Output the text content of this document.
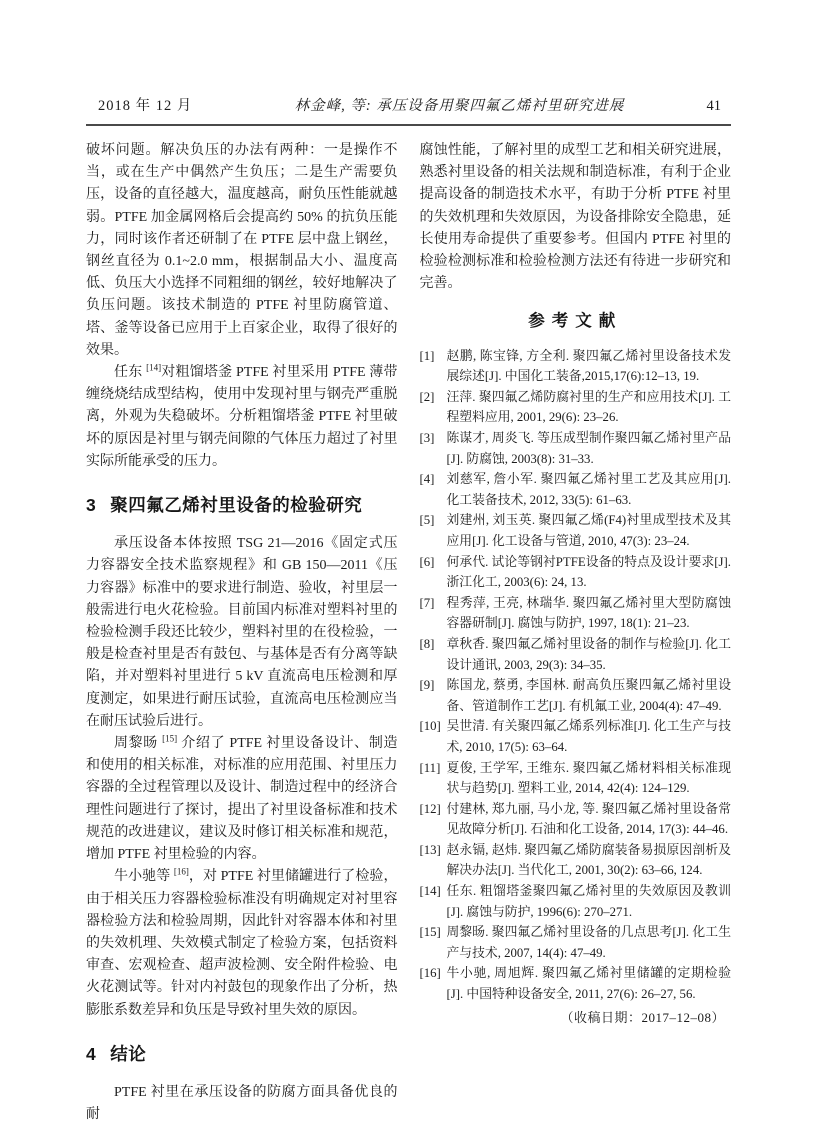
2018 年 12 月	林金峰, 等: 承压设备用聚四氟乙烯衬里研究进展	41

破坏问题。解决负压的办法有两种：一是操作不当，或在生产中偶然产生负压；二是生产需要负压，设备的直径越大，温度越高，耐负压性能就越弱。PTFE 加金属网格后会提高约 50% 的抗负压能力，同时该作者还研制了在 PTFE 层中盘上钢丝，钢丝直径为 0.1~2.0 mm，根据制品大小、温度高低、负压大小选择不同粗细的钢丝，较好地解决了负压问题。该技术制造的 PTFE 衬里防腐管道、塔、釜等设备已应用于上百家企业，取得了很好的效果。

任东 [14]对粗馏塔釜 PTFE 衬里采用 PTFE 薄带缠绕烧结成型结构，使用中发现衬里与钢壳严重脱离，外观为失稳破坏。分析粗馏塔釜 PTFE 衬里破坏的原因是衬里与钢壳间隙的气体压力超过了衬里实际所能承受的压力。

3 聚四氟乙烯衬里设备的检验研究

承压设备本体按照 TSG 21—2016《固定式压力容器安全技术监察规程》和 GB 150—2011《压力容器》标准中的要求进行制造、验收，衬里层一般需进行电火花检验。目前国内标准对塑料衬里的检验检测手段还比较少，塑料衬里的在役检验，一般是检查衬里是否有鼓包、与基体是否有分离等缺陷，并对塑料衬里进行 5 kV 直流高电压检测和厚度测定，如果进行耐压试验，直流高电压检测应当在耐压试验后进行。

周黎旸 [15] 介绍了 PTFE 衬里设备设计、制造和使用的相关标准，对标准的应用范围、衬里压力容器的全过程管理以及设计、制造过程中的经济合理性问题进行了探讨，提出了衬里设备标准和技术规范的改进建议，建议及时修订相关标准和规范，增加 PTFE 衬里检验的内容。

牛小驰等 [16]，对 PTFE 衬里储罐进行了检验，由于相关压力容器检验标准没有明确规定对衬里容器检验方法和检验周期，因此针对容器本体和衬里的失效机理、失效模式制定了检验方案，包括资料审查、宏观检查、超声波检测、安全附件检验、电火花测试等。针对内衬鼓包的现象作出了分析，热膨胀系数差异和负压是导致衬里失效的原因。

4 结论

PTFE 衬里在承压设备的防腐方面具备优良的耐

腐蚀性能，了解衬里的成型工艺和相关研究进展，熟悉衬里设备的相关法规和制造标准，有利于企业提高设备的制造技术水平，有助于分析 PTFE 衬里的失效机理和失效原因，为设备排除安全隐患，延长使用寿命提供了重要参考。但国内 PTFE 衬里的检验检测标准和检验检测方法还有待进一步研究和完善。

参考文献
[1] 赵鹏, 陈宝锋, 方全利. 聚四氟乙烯衬里设备技术发展综述[J]. 中国化工装备,2015,17(6):12–13, 19.
[2] 汪萍. 聚四氟乙烯防腐衬里的生产和应用技术[J]. 工程塑料应用, 2001, 29(6): 23–26.
[3] 陈谋才, 周炎飞. 等压成型制作聚四氟乙烯衬里产品[J]. 防腐蚀, 2003(8): 31–33.
[4] 刘慈军, 詹小军. 聚四氟乙烯衬里工艺及其应用[J]. 化工装备技术, 2012, 33(5): 61–63.
[5] 刘建州, 刘玉英. 聚四氟乙烯(F4)衬里成型技术及其应用[J]. 化工设备与管道, 2010, 47(3): 23–24.
[6] 何承代. 试论等钢衬PTFE设备的特点及设计要求[J]. 浙江化工, 2003(6): 24, 13.
[7] 程秀萍, 王亮, 林瑞华. 聚四氟乙烯衬里大型防腐蚀容器研制[J]. 腐蚀与防护, 1997, 18(1): 21–23.
[8] 章秋香. 聚四氟乙烯衬里设备的制作与检验[J]. 化工设计通讯, 2003, 29(3): 34–35.
[9] 陈国龙, 蔡勇, 李国林. 耐高负压聚四氟乙烯衬里设备、管道制作工艺[J]. 有机氟工业, 2004(4): 47–49.
[10] 吴世清. 有关聚四氟乙烯系列标准[J]. 化工生产与技术, 2010, 17(5): 63–64.
[11] 夏俊, 王学军, 王维东. 聚四氟乙烯材料相关标准现状与趋势[J]. 塑料工业, 2014, 42(4): 124–129.
[12] 付建林, 郑九丽, 马小龙, 等. 聚四氟乙烯衬里设备常见故障分析[J]. 石油和化工设备, 2014, 17(3): 44–46.
[13] 赵永镉, 赵炜. 聚四氟乙烯防腐装备易损原因剖析及解决办法[J]. 当代化工, 2001, 30(2): 63–66, 124.
[14] 任东. 粗馏塔釜聚四氟乙烯衬里的失效原因及教训[J]. 腐蚀与防护, 1996(6): 270–271.
[15] 周黎旸. 聚四氟乙烯衬里设备的几点思考[J]. 化工生产与技术, 2007, 14(4): 47–49.
[16] 牛小驰, 周旭辉. 聚四氟乙烯衬里储罐的定期检验[J]. 中国特种设备安全, 2011, 27(6): 26–27, 56.
（收稿日期：2017–12–08）
